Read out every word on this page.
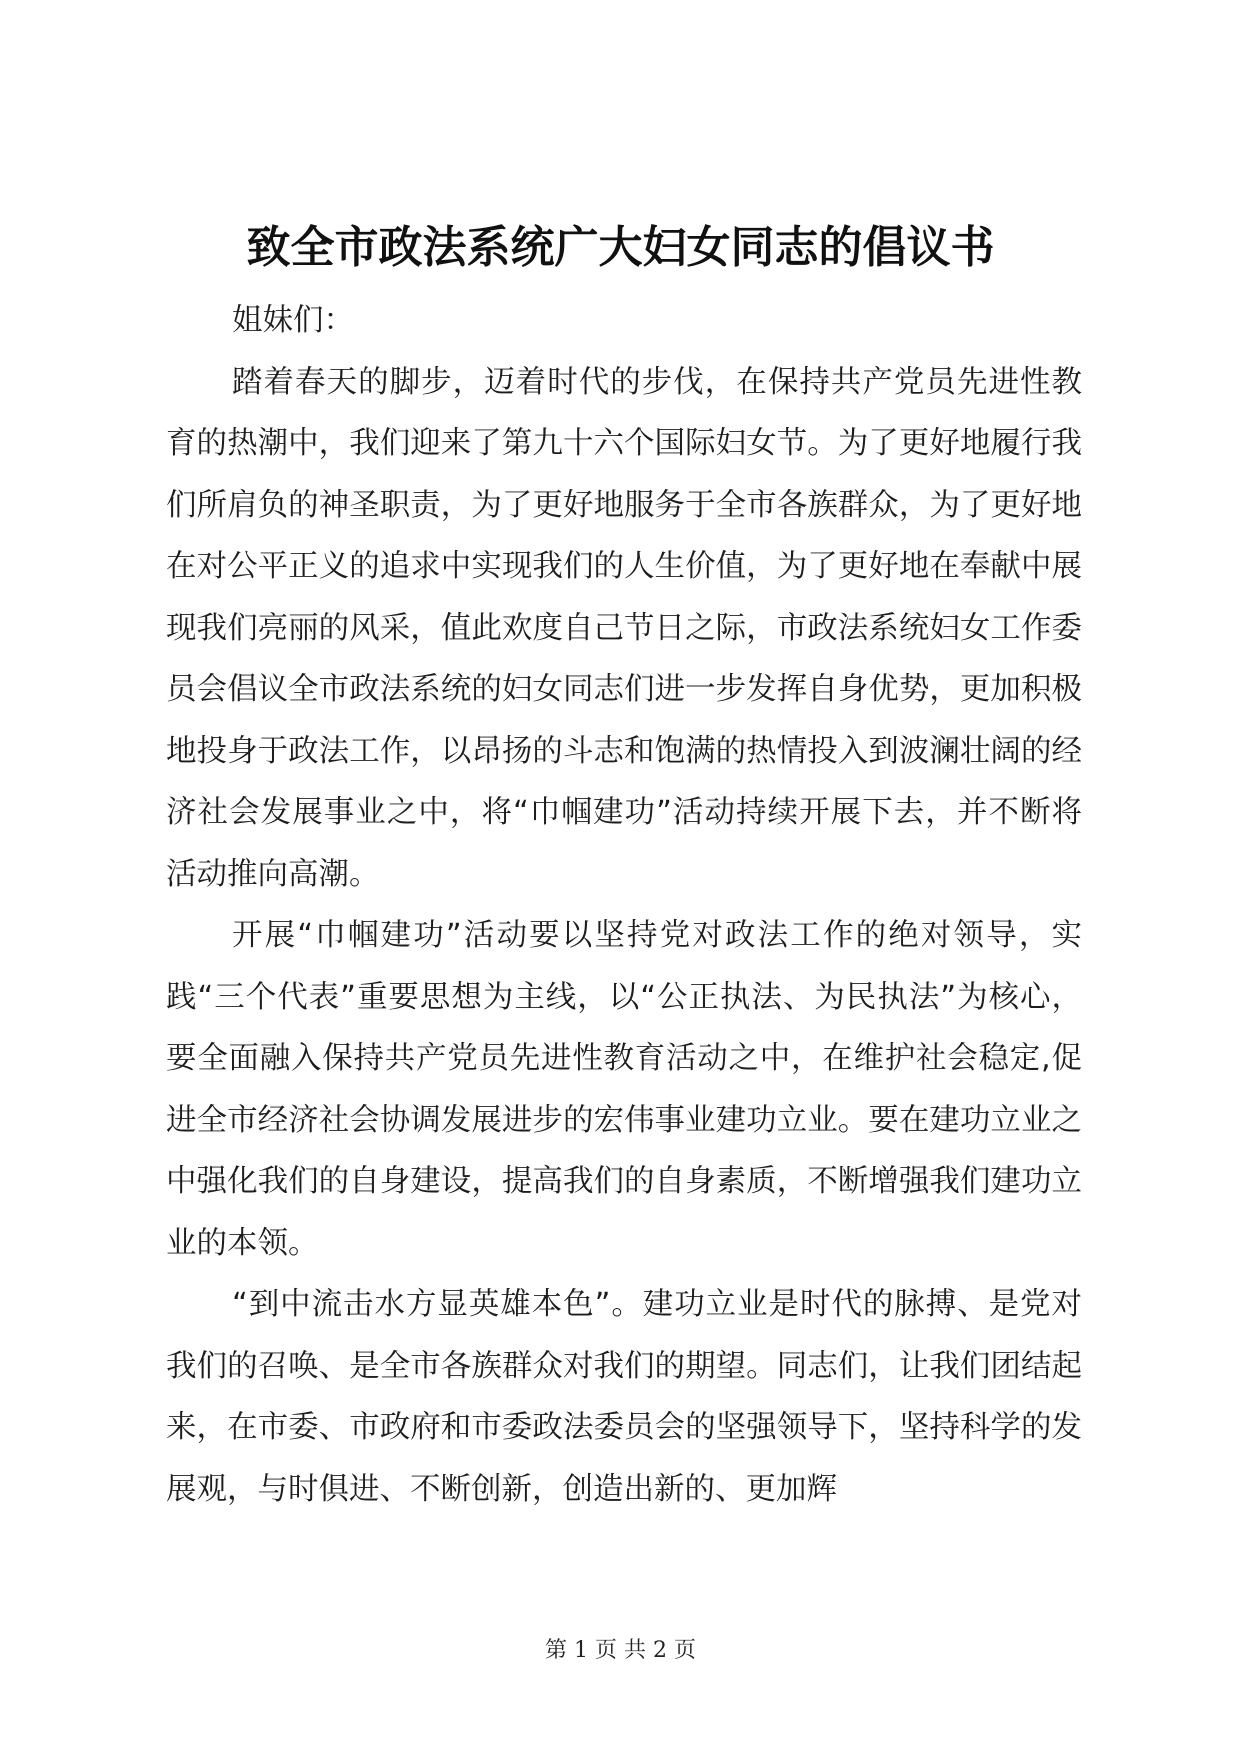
致全市政法系统广大妇女同志的倡议书

姐妹们：

踏着春天的脚步，迈着时代的步伐，在保持共产党员先进性教育的热潮中，我们迎来了第九十六个国际妇女节。为了更好地履行我们所肩负的神圣职责，为了更好地服务于全市各族群众，为了更好地在对公平正义的追求中实现我们的人生价值，为了更好地在奉献中展现我们亮丽的风采，值此欢度自己节日之际，市政法系统妇女工作委员会倡议全市政法系统的妇女同志们进一步发挥自身优势，更加积极地投身于政法工作，以昂扬的斗志和饱满的热情投入到波澜壮阔的经济社会发展事业之中，将“巾帼建功”活动持续开展下去，并不断将活动推向高潮。

开展“巾帼建功”活动要以坚持党对政法工作的绝对领导，实践“三个代表”重要思想为主线，以“公正执法、为民执法”为核心，要全面融入保持共产党员先进性教育活动之中，在维护社会稳定,促进全市经济社会协调发展进步的宏伟事业建功立业。要在建功立业之中强化我们的自身建设，提高我们的自身素质，不断增强我们建功立业的本领。

“到中流击水方显英雄本色”。建功立业是时代的脉搏、是党对我们的召唤、是全市各族群众对我们的期望。同志们，让我们团结起来，在市委、市政府和市委政法委员会的坚强领导下，坚持科学的发展观，与时俱进、不断创新，创造出新的、更加辉

第 1 页 共 2 页
